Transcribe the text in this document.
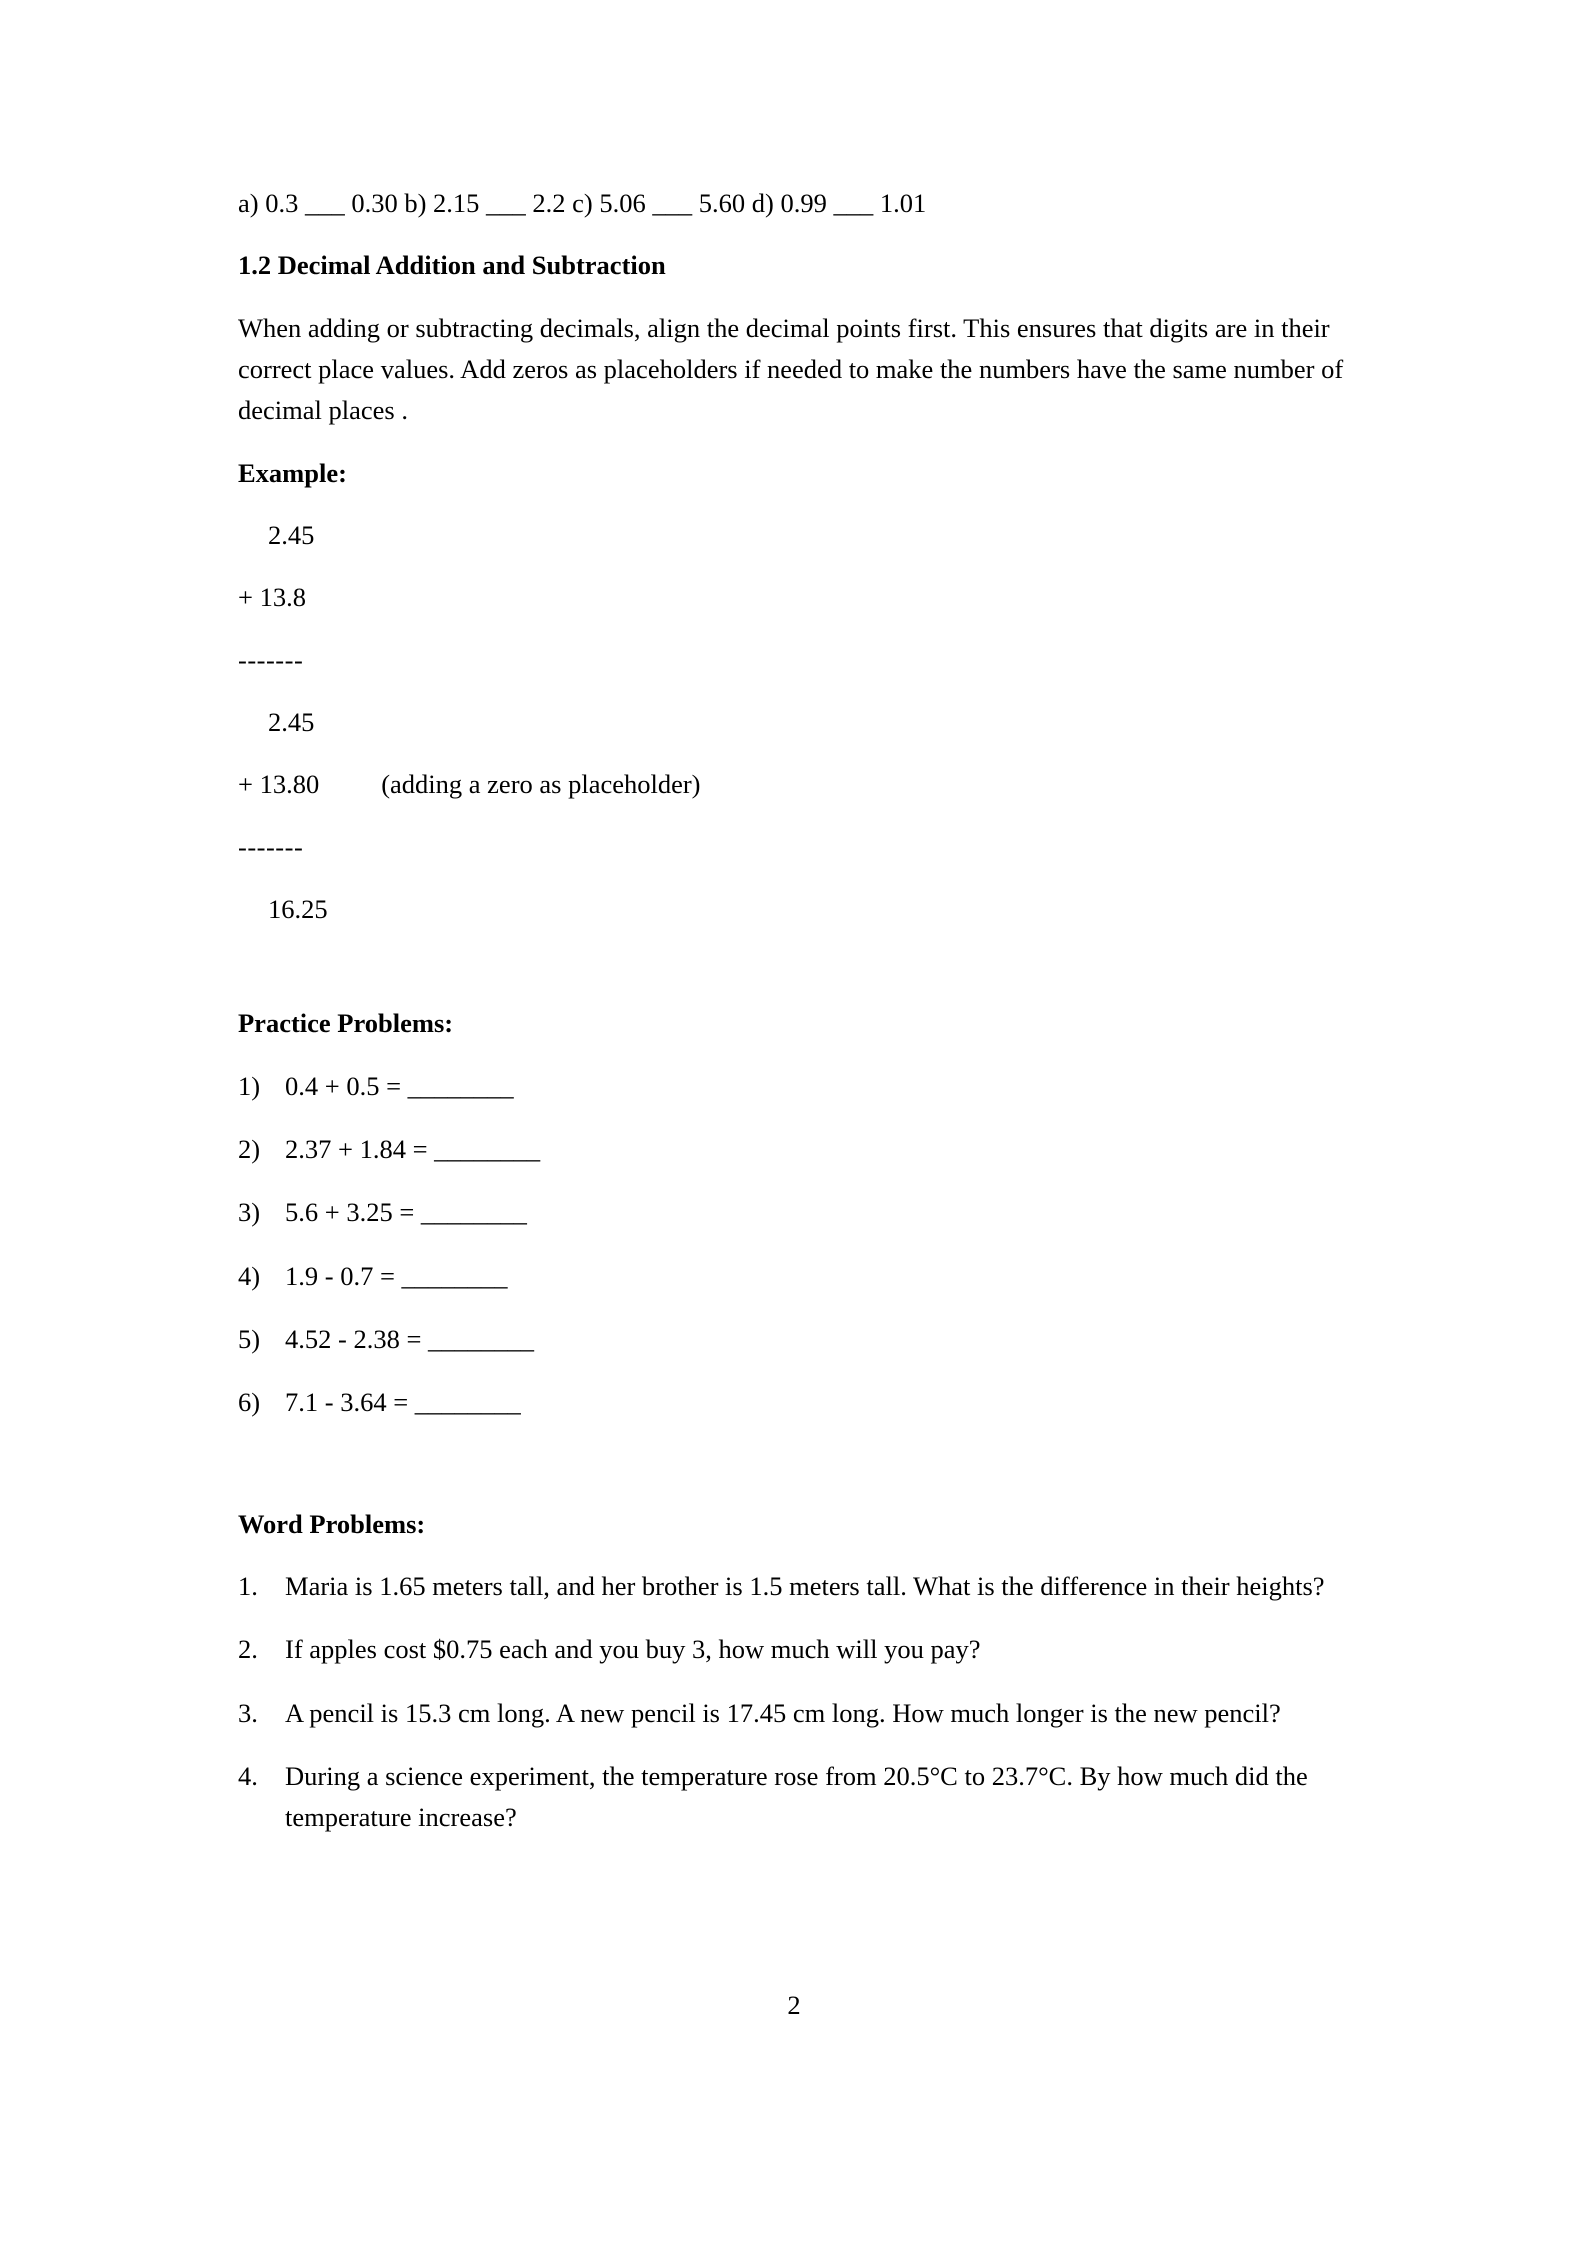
a) 0.3 ___ 0.30 b) 2.15 ___ 2.2 c) 5.06 ___ 5.60 d) 0.99 ___ 1.01

1.2 Decimal Addition and Subtraction

When adding or subtracting decimals, align the decimal points first. This ensures that digits are in their correct place values. Add zeros as placeholders if needed to make the numbers have the same number of decimal places .

Example:

2.45

+ 13.8

-------

2.45

+ 13.80 (adding a zero as placeholder)

-------

16.25

Practice Problems:

1) 0.4 + 0.5 = ________
2) 2.37 + 1.84 = ________
3) 5.6 + 3.25 = ________
4) 1.9 - 0.7 = ________
5) 4.52 - 2.38 = ________
6) 7.1 - 3.64 = ________

Word Problems:

1.	Maria is 1.65 meters tall, and her brother is 1.5 meters tall. What is the difference in their heights?
2.	If apples cost $0.75 each and you buy 3, how much will you pay?
3.	A pencil is 15.3 cm long. A new pencil is 17.45 cm long. How much longer is the new pencil?
4.	During a science experiment, the temperature rose from 20.5°C to 23.7°C. By how much did the temperature increase?
2
